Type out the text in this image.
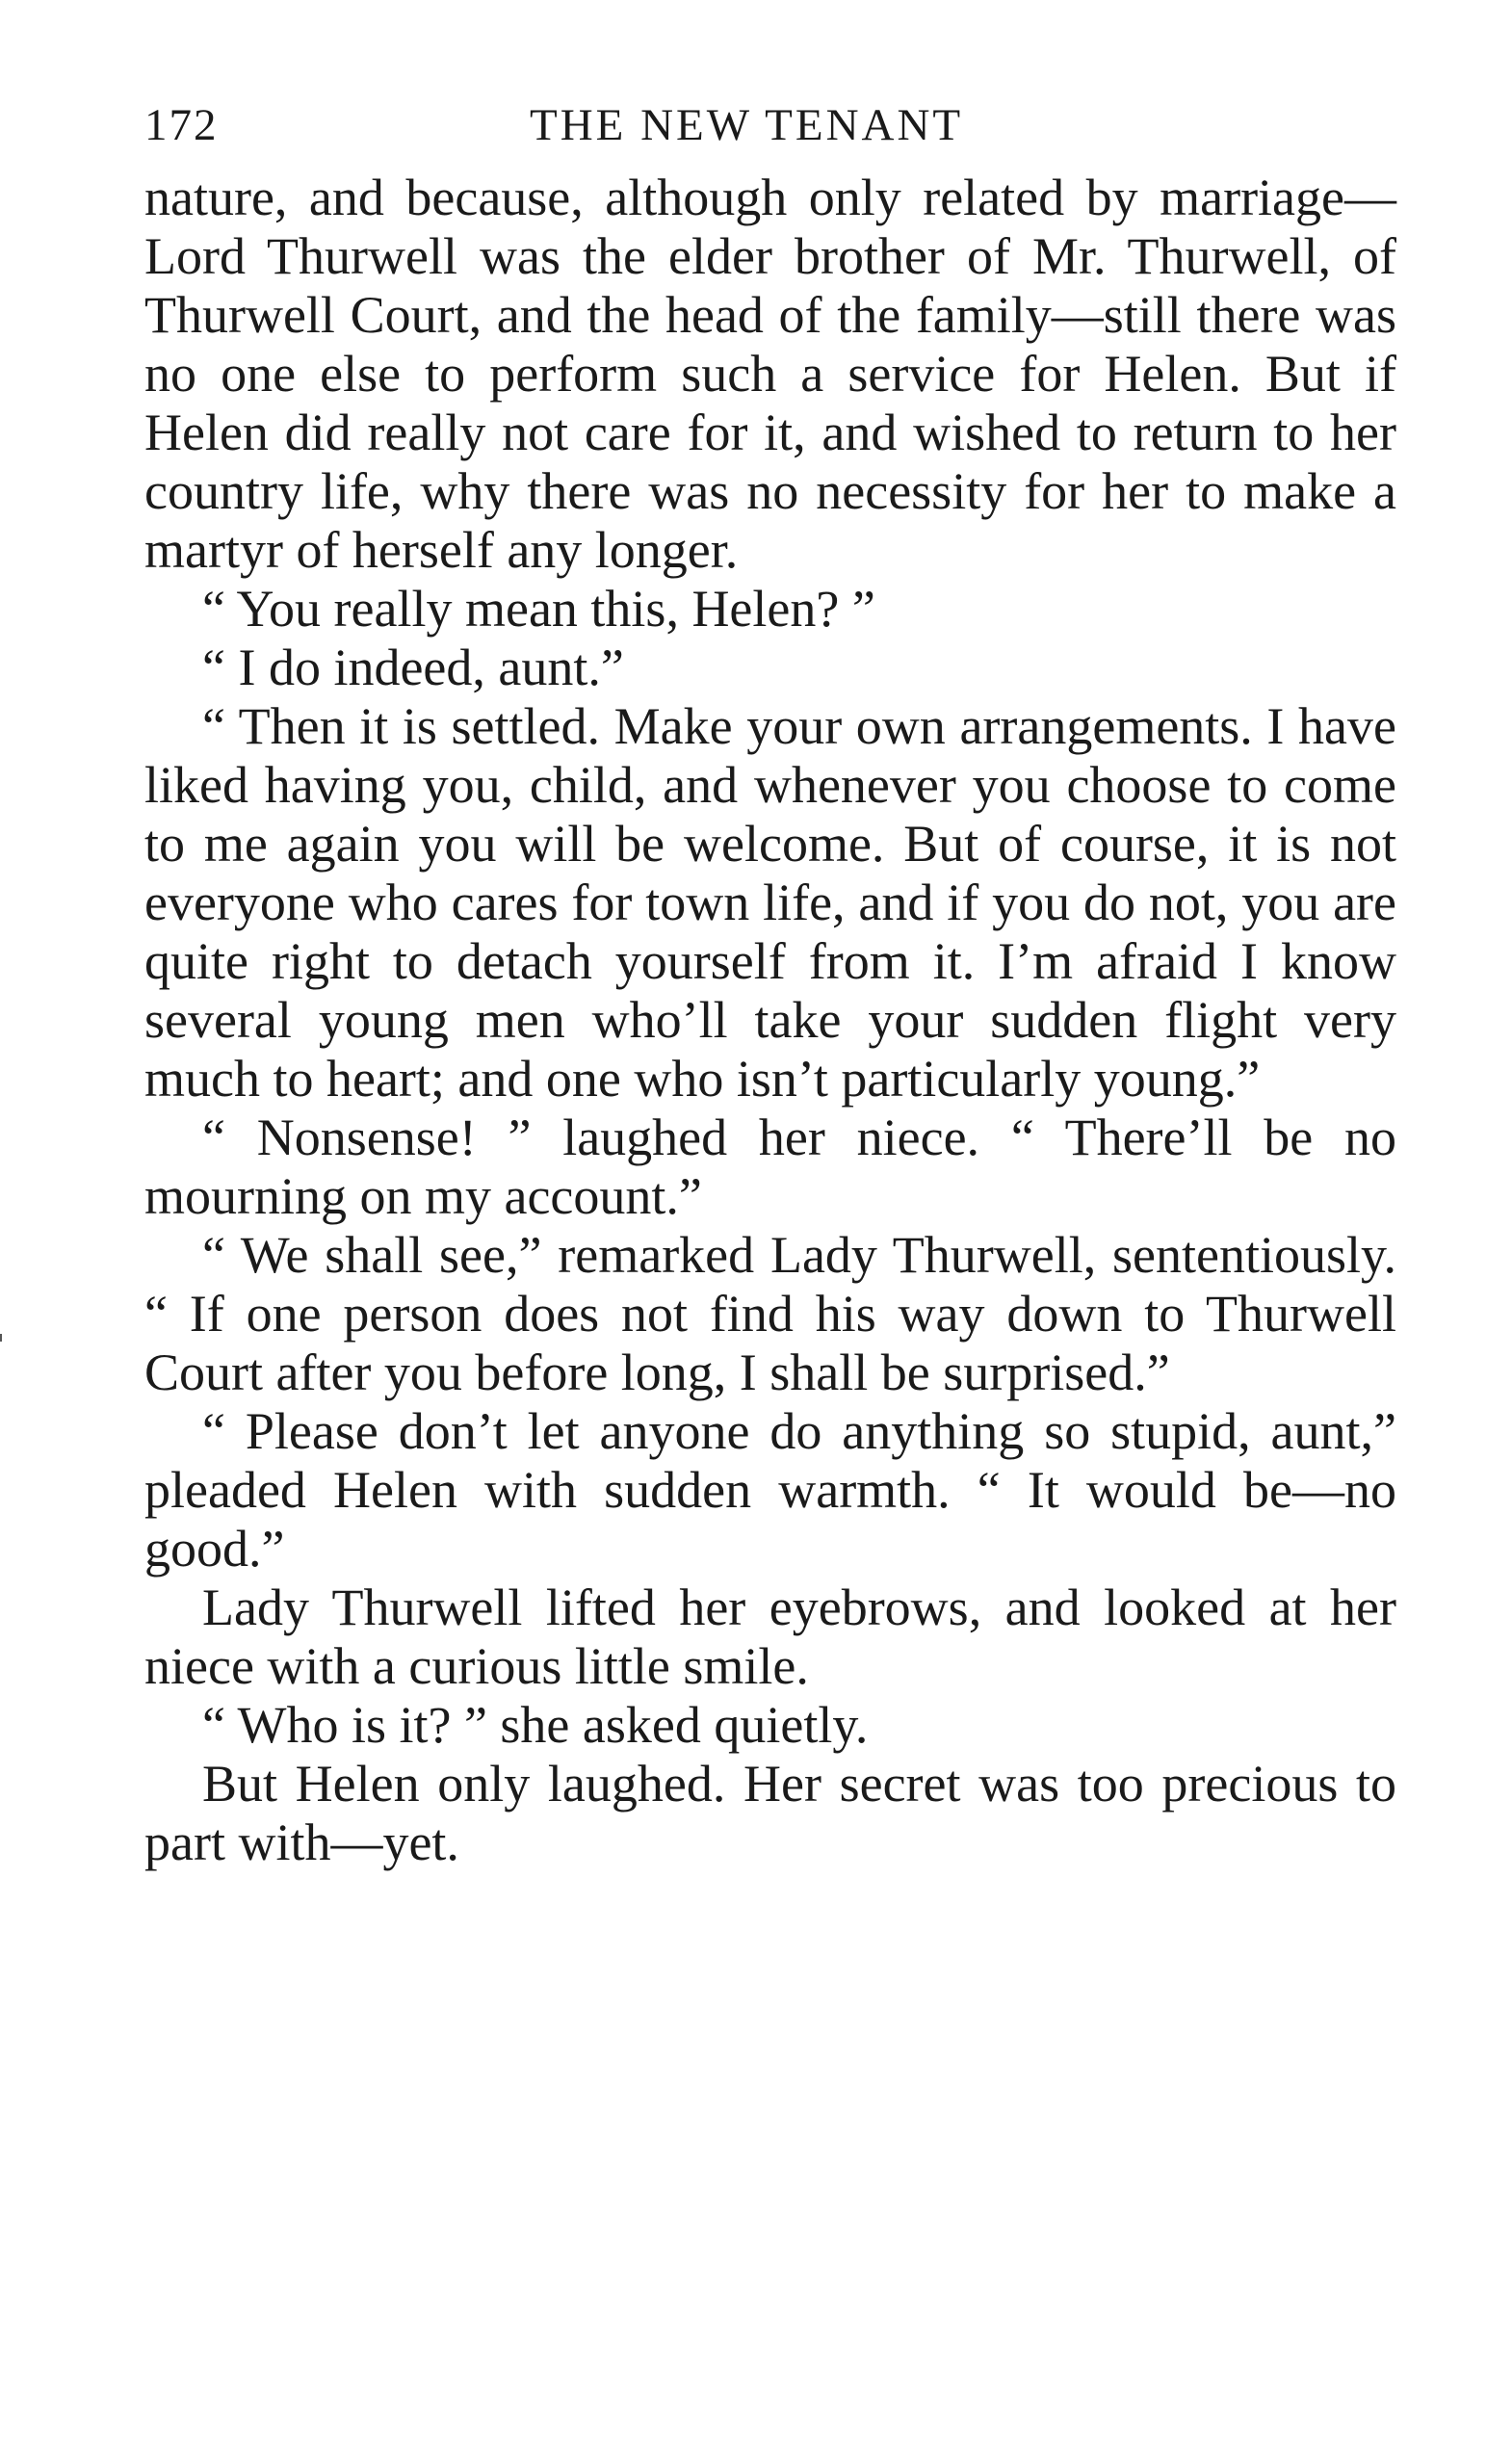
172	THE NEW TENANT

nature, and because, although only related by marriage—Lord Thurwell was the elder brother of Mr. Thurwell, of Thurwell Court, and the head of the family—still there was no one else to perform such a service for Helen. But if Helen did really not care for it, and wished to return to her country life, why there was no necessity for her to make a martyr of herself any longer.

“ You really mean this, Helen? ”

“ I do indeed, aunt.”

“ Then it is settled. Make your own arrangements. I have liked having you, child, and whenever you choose to come to me again you will be welcome. But of course, it is not everyone who cares for town life, and if you do not, you are quite right to detach yourself from it. I’m afraid I know several young men who’ll take your sudden flight very much to heart; and one who isn’t particularly young.”

“ Nonsense! ” laughed her niece. “ There’ll be no mourning on my account.”

“ We shall see,” remarked Lady Thurwell, sententiously. “ If one person does not find his way down to Thurwell Court after you before long, I shall be surprised.”

“ Please don’t let anyone do anything so stupid, aunt,” pleaded Helen with sudden warmth. “ It would be—no good.”

Lady Thurwell lifted her eyebrows, and looked at her niece with a curious little smile.

“ Who is it? ” she asked quietly.

But Helen only laughed. Her secret was too precious to part with—yet.
